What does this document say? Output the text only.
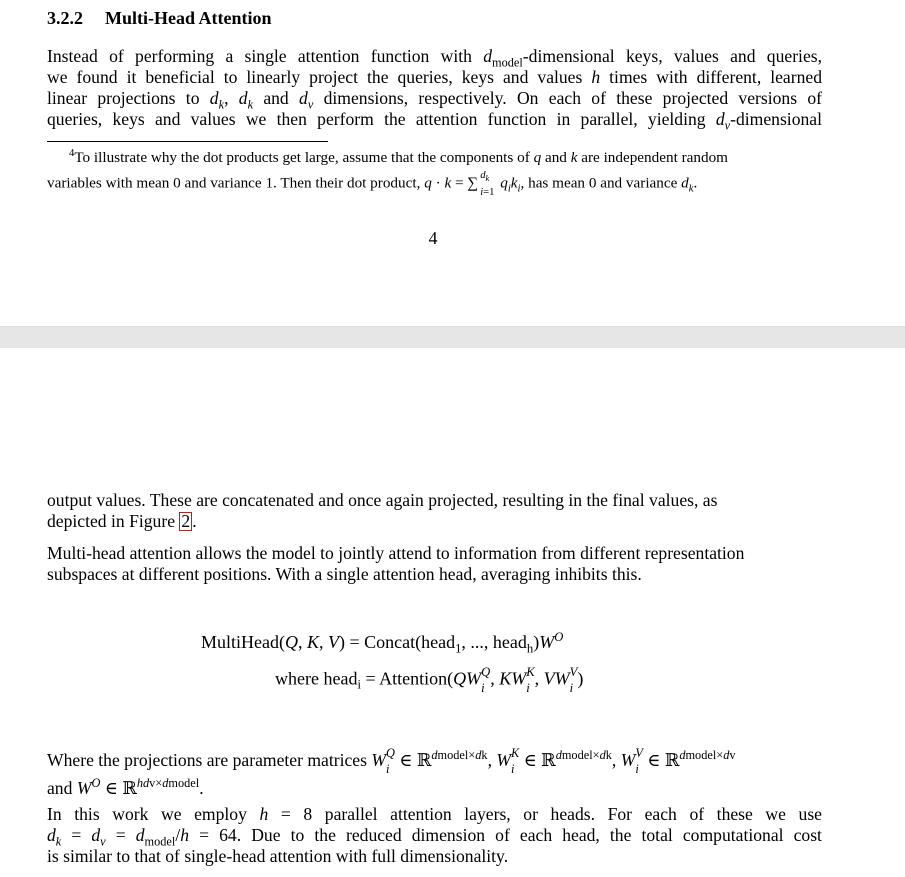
3.2.2 Multi-Head Attention
Instead of performing a single attention function with $d_{model}$-dimensional keys, values and queries,
we found it beneficial to linearly project the queries, keys and values h times with different, learned
linear projections to $d_k$, $d_k$ and $d_v$ dimensions, respectively. On each of these projected versions of
queries, keys and values we then perform the attention function in parallel, yielding $d_v$-dimensional
$^4$To illustrate why the dot products get large, assume that the components of q and k are independent random
variables with mean 0 and variance 1. Then their dot product, q · k = ∑ $d_k$
i=1
$q_ik_i$, has mean 0 and variance $d_k$.
4
output values. These are concatenated and once again projected, resulting in the final values, as
depicted in Figure 2 .
Multi-head attention allows the model to jointly attend to information from different representation
subspaces at different positions. With a single attention head, averaging inhibits this.
MultiHead(Q, K, V) = Concat(head$_1$, ..., $head_h)W^O$
where head$_i$ = Attention(QW Q
i , KW K
i , VW V
i )
Where the projections are parameter matrices W Q
i ∈ ℝ$^{dmodel\times dk}$, W K
i ∈ ℝ$^{dmodel\times dk}$, W V
i ∈ ℝ$^{dmodel\times dv}$
and $W^O$ ∈ ℝ$^{hdv\times dmodel}$.
In this work we employ h = 8 parallel attention layers, or heads. For each of these we use
$d_k = d_v = d_{model}/h = 64$. Due to the reduced dimension of each head, the total computational cost
is similar to that of single-head attention with full dimensionality.
